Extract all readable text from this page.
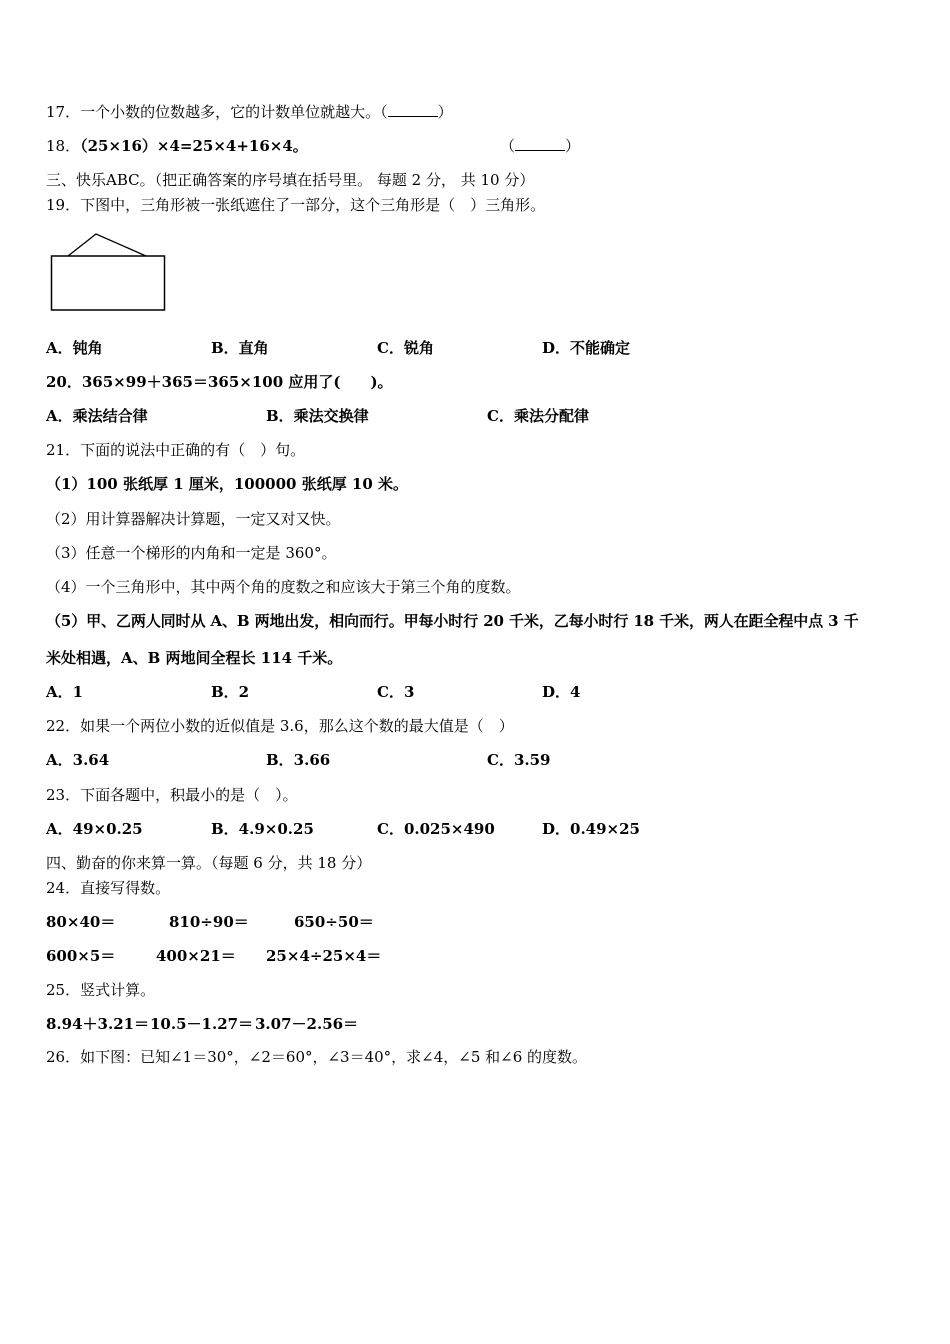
17．一个小数的位数越多，它的计数单位就越大。（	）
18．（25×16）×4=25×4+16×4。	（	）
三、快乐ABC。（把正确答案的序号填在括号里。 每题 2 分， 共 10 分）
19．下图中，三角形被一张纸遮住了一部分，这个三角形是（　）三角形。
A．钝角	B．直角	C．锐角	D．不能确定
20．365×99＋365＝365×100 应用了(　　)。
A．乘法结合律	B．乘法交换律	C．乘法分配律
21．下面的说法中正确的有（　）句。
（1）100 张纸厚 1 厘米，100000 张纸厚 10 米。
（2）用计算器解决计算题，一定又对又快。
（3）任意一个梯形的内角和一定是 360°。
（4）一个三角形中，其中两个角的度数之和应该大于第三个角的度数。
（5）甲、乙两人同时从 A、B 两地出发，相向而行。甲每小时行 20 千米，乙每小时行 18 千米，两人在距全程中点 3 千
米处相遇，A、B 两地间全程长 114 千米。
A．1	B．2	C．3	D．4
22．如果一个两位小数的近似值是 3.6，那么这个数的最大值是（　）
A．3.64	B．3.66	C．3.59
23．下面各题中，积最小的是（　）。
A．49×0.25	B．4.9×0.25	C．0.025×490	D．0.49×25
四、勤奋的你来算一算。（每题 6 分，共 18 分）
24．直接写得数。
80×40＝	810÷90＝	650÷50＝
600×5＝	400×21＝ 25×4÷25×4＝
25．竖式计算。
8.94＋3.21＝ 10.5－1.27＝ 3.07－2.56＝
26．如下图：已知∠1＝30°，∠2＝60°，∠3＝40°，求∠4，∠5 和∠6 的度数。
